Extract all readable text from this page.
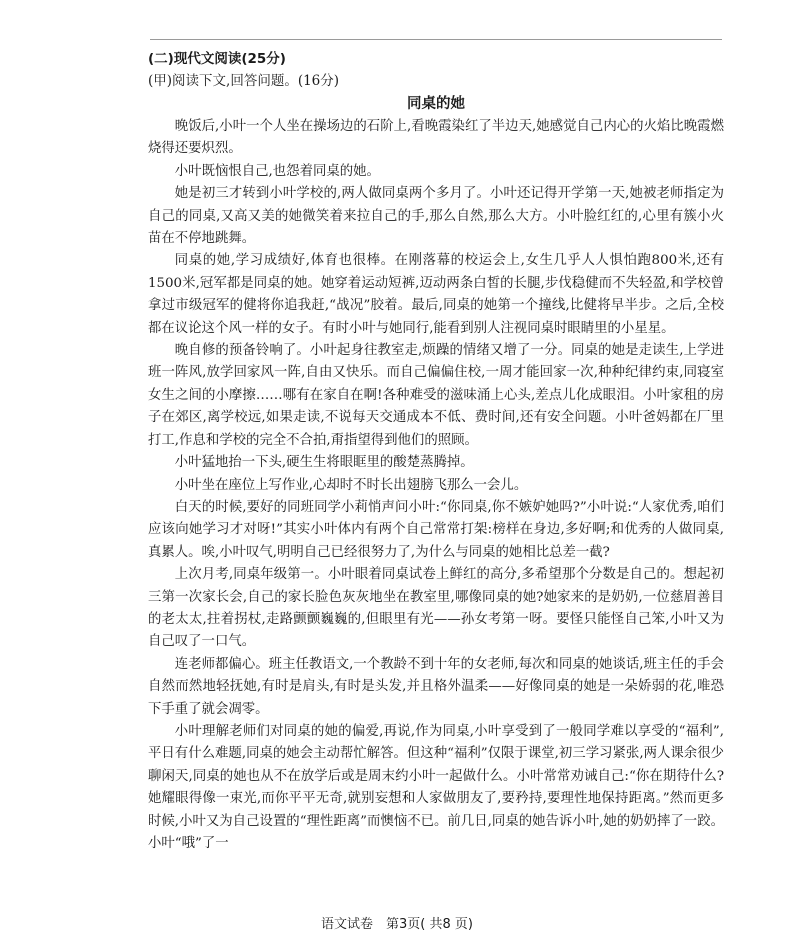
(二)现代文阅读(25分)

(甲)阅读下文,回答问题。(16分)

同桌的她

晚饭后,小叶一个人坐在操场边的石阶上,看晚霞染红了半边天,她感觉自己内心的火焰比晚霞燃烧得还要炽烈。

小叶既恼恨自己,也怨着同桌的她。

她是初三才转到小叶学校的,两人做同桌两个多月了。小叶还记得开学第一天,她被老师指定为自己的同桌,又高又美的她微笑着来拉自己的手,那么自然,那么大方。小叶脸红红的,心里有簇小火苗在不停地跳舞。

同桌的她,学习成绩好,体育也很棒。在刚落幕的校运会上,女生几乎人人惧怕跑800米,还有1500米,冠军都是同桌的她。她穿着运动短裤,迈动两条白皙的长腿,步伐稳健而不失轻盈,和学校曾拿过市级冠军的健将你追我赶,“战况”胶着。最后,同桌的她第一个撞线,比健将早半步。之后,全校都在议论这个风一样的女子。有时小叶与她同行,能看到别人注视同桌时眼睛里的小星星。

晚自修的预备铃响了。小叶起身往教室走,烦躁的情绪又增了一分。同桌的她是走读生,上学进班一阵风,放学回家风一阵,自由又快乐。而自己偏偏住校,一周才能回家一次,种种纪律约束,同寝室女生之间的小摩擦……哪有在家自在啊!各种难受的滋味涌上心头,差点儿化成眼泪。小叶家租的房子在郊区,离学校远,如果走读,不说每天交通成本不低、费时间,还有安全问题。小叶爸妈都在厂里打工,作息和学校的完全不合拍,甭指望得到他们的照顾。

小叶猛地抬一下头,硬生生将眼眶里的酸楚蒸腾掉。

小叶坐在座位上写作业,心却时不时长出翅膀飞那么一会儿。

白天的时候,要好的同班同学小莉悄声问小叶:“你同桌,你不嫉妒她吗?”小叶说:“人家优秀,咱们应该向她学习才对呀!”其实小叶体内有两个自己常常打架:榜样在身边,多好啊;和优秀的人做同桌,真累人。唉,小叶叹气,明明自己已经很努力了,为什么与同桌的她相比总差一截?

上次月考,同桌年级第一。小叶眼着同桌试卷上鲜红的高分,多希望那个分数是自己的。想起初三第一次家长会,自己的家长脸色灰灰地坐在教室里,哪像同桌的她?她家来的是奶奶,一位慈眉善目的老太太,拄着拐杖,走路颤颤巍巍的,但眼里有光——孙女考第一呀。要怪只能怪自己笨,小叶又为自己叹了一口气。

连老师都偏心。班主任教语文,一个教龄不到十年的女老师,每次和同桌的她谈话,班主任的手会自然而然地轻抚她,有时是肩头,有时是头发,并且格外温柔——好像同桌的她是一朵娇弱的花,唯恐下手重了就会凋零。

小叶理解老师们对同桌的她的偏爱,再说,作为同桌,小叶享受到了一般同学难以享受的“福利”,平日有什么难题,同桌的她会主动帮忙解答。但这种“福利”仅限于课堂,初三学习紧张,两人课余很少聊闲天,同桌的她也从不在放学后或是周末约小叶一起做什么。小叶常常劝诫自己:“你在期待什么?她耀眼得像一束光,而你平平无奇,就别妄想和人家做朋友了,要矜持,要理性地保持距离。”然而更多时候,小叶又为自己设置的“理性距离”而懊恼不已。前几日,同桌的她告诉小叶,她的奶奶摔了一跤。小叶“哦”了一

语文试卷　第3页( 共8 页)
